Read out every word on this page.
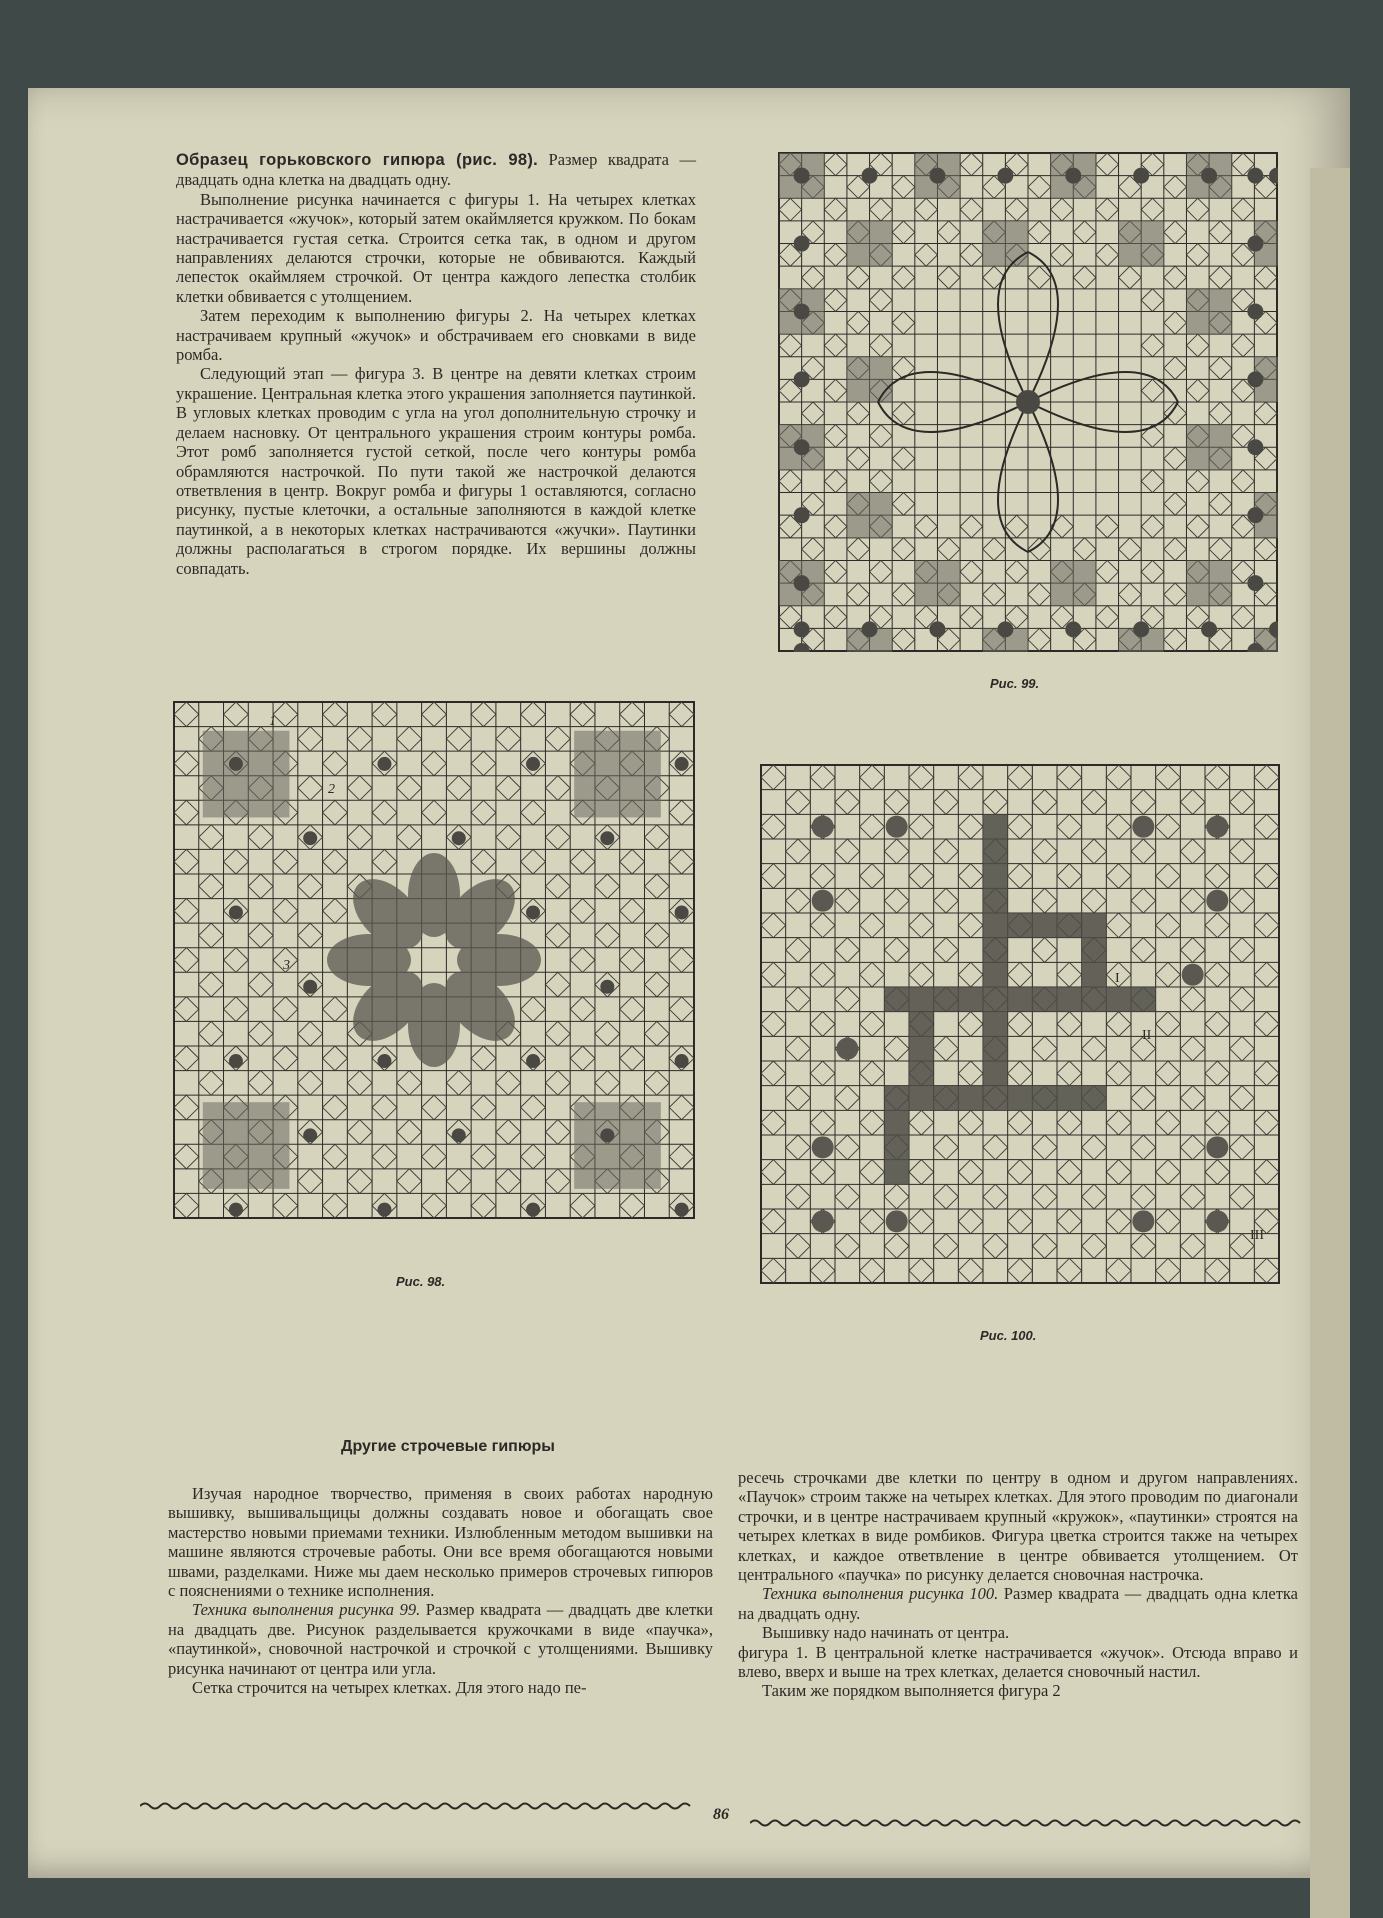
Образец горьковского гипюра (рис. 98). Размер квадрата — двадцать одна клетка на двадцать одну.

Выполнение рисунка начинается с фигуры 1. На четырех клетках настрачивается «жучок», который затем окаймляется кружком. По бокам настрачивается густая сетка. Строится сетка так, в одном и другом направлениях делаются строчки, которые не обвиваются. Каждый лепесток окаймляем строчкой. От центра каждого лепестка столбик клетки обвивается с утолщением.

Затем переходим к выполнению фигуры 2. На четырех клетках настрачиваем крупный «жучок» и обстрачиваем его сновками в виде ромба.

Следующий этап — фигура 3. В центре на девяти клетках строим украшение. Центральная клетка этого украшения заполняется паутинкой. В угловых клетках проводим с угла на угол дополнительную строчку и делаем насновку. От центрального украшения строим контуры ромба. Этот ромб заполняется густой сеткой, после чего контуры ромба обрамляются настрочкой. По пути такой же настрочкой делаются ответвления в центр. Вокруг ромба и фигуры 1 оставляются, согласно рисунку, пустые клеточки, а остальные заполняются в каждой клетке паутинкой, а в некоторых клетках настрачиваются «жучки». Паутинки должны располагаться в строгом порядке. Их вершины должны совпадать.

Рис. 99.
1
2
3
Рис. 98.
I
II
III
Рис. 100.
Другие строчевые гипюры

Изучая народное творчество, применяя в своих работах народную вышивку, вышивальщицы должны создавать новое и обогащать свое мастерство новыми приемами техники. Излюбленным методом вышивки на машине являются строчевые работы. Они все время обогащаются новыми швами, разделками. Ниже мы даем несколько примеров строчевых гипюров с пояснениями о технике исполнения.

Техника выполнения рисунка 99. Размер квадрата — двадцать две клетки на двадцать две. Рисунок разделывается кружочками в виде «паучка», «паутинкой», сновочной настрочкой и строчкой с утолщениями. Вышивку рисунка начинают от центра или угла.

Сетка строчится на четырех клетках. Для этого надо пе-

ресечь строчками две клетки по центру в одном и другом направлениях. «Паучок» строим также на четырех клетках. Для этого проводим по диагонали строчки, и в центре настрачиваем крупный «кружок», «паутинки» строятся на четырех клетках в виде ромбиков. Фигура цветка строится также на четырех клетках, и каждое ответвление в центре обвивается утолщением. От центрального «паучка» по рисунку делается сновочная настрочка.

Техника выполнения рисунка 100. Размер квадрата — двадцать одна клетка на двадцать одну.

Вышивку надо начинать от центра.

фигура 1. В центральной клетке настрачивается «жучок». Отсюда вправо и влево, вверх и выше на трех клетках, делается сновочный настил.

Таким же порядком выполняется фигура 2

86
